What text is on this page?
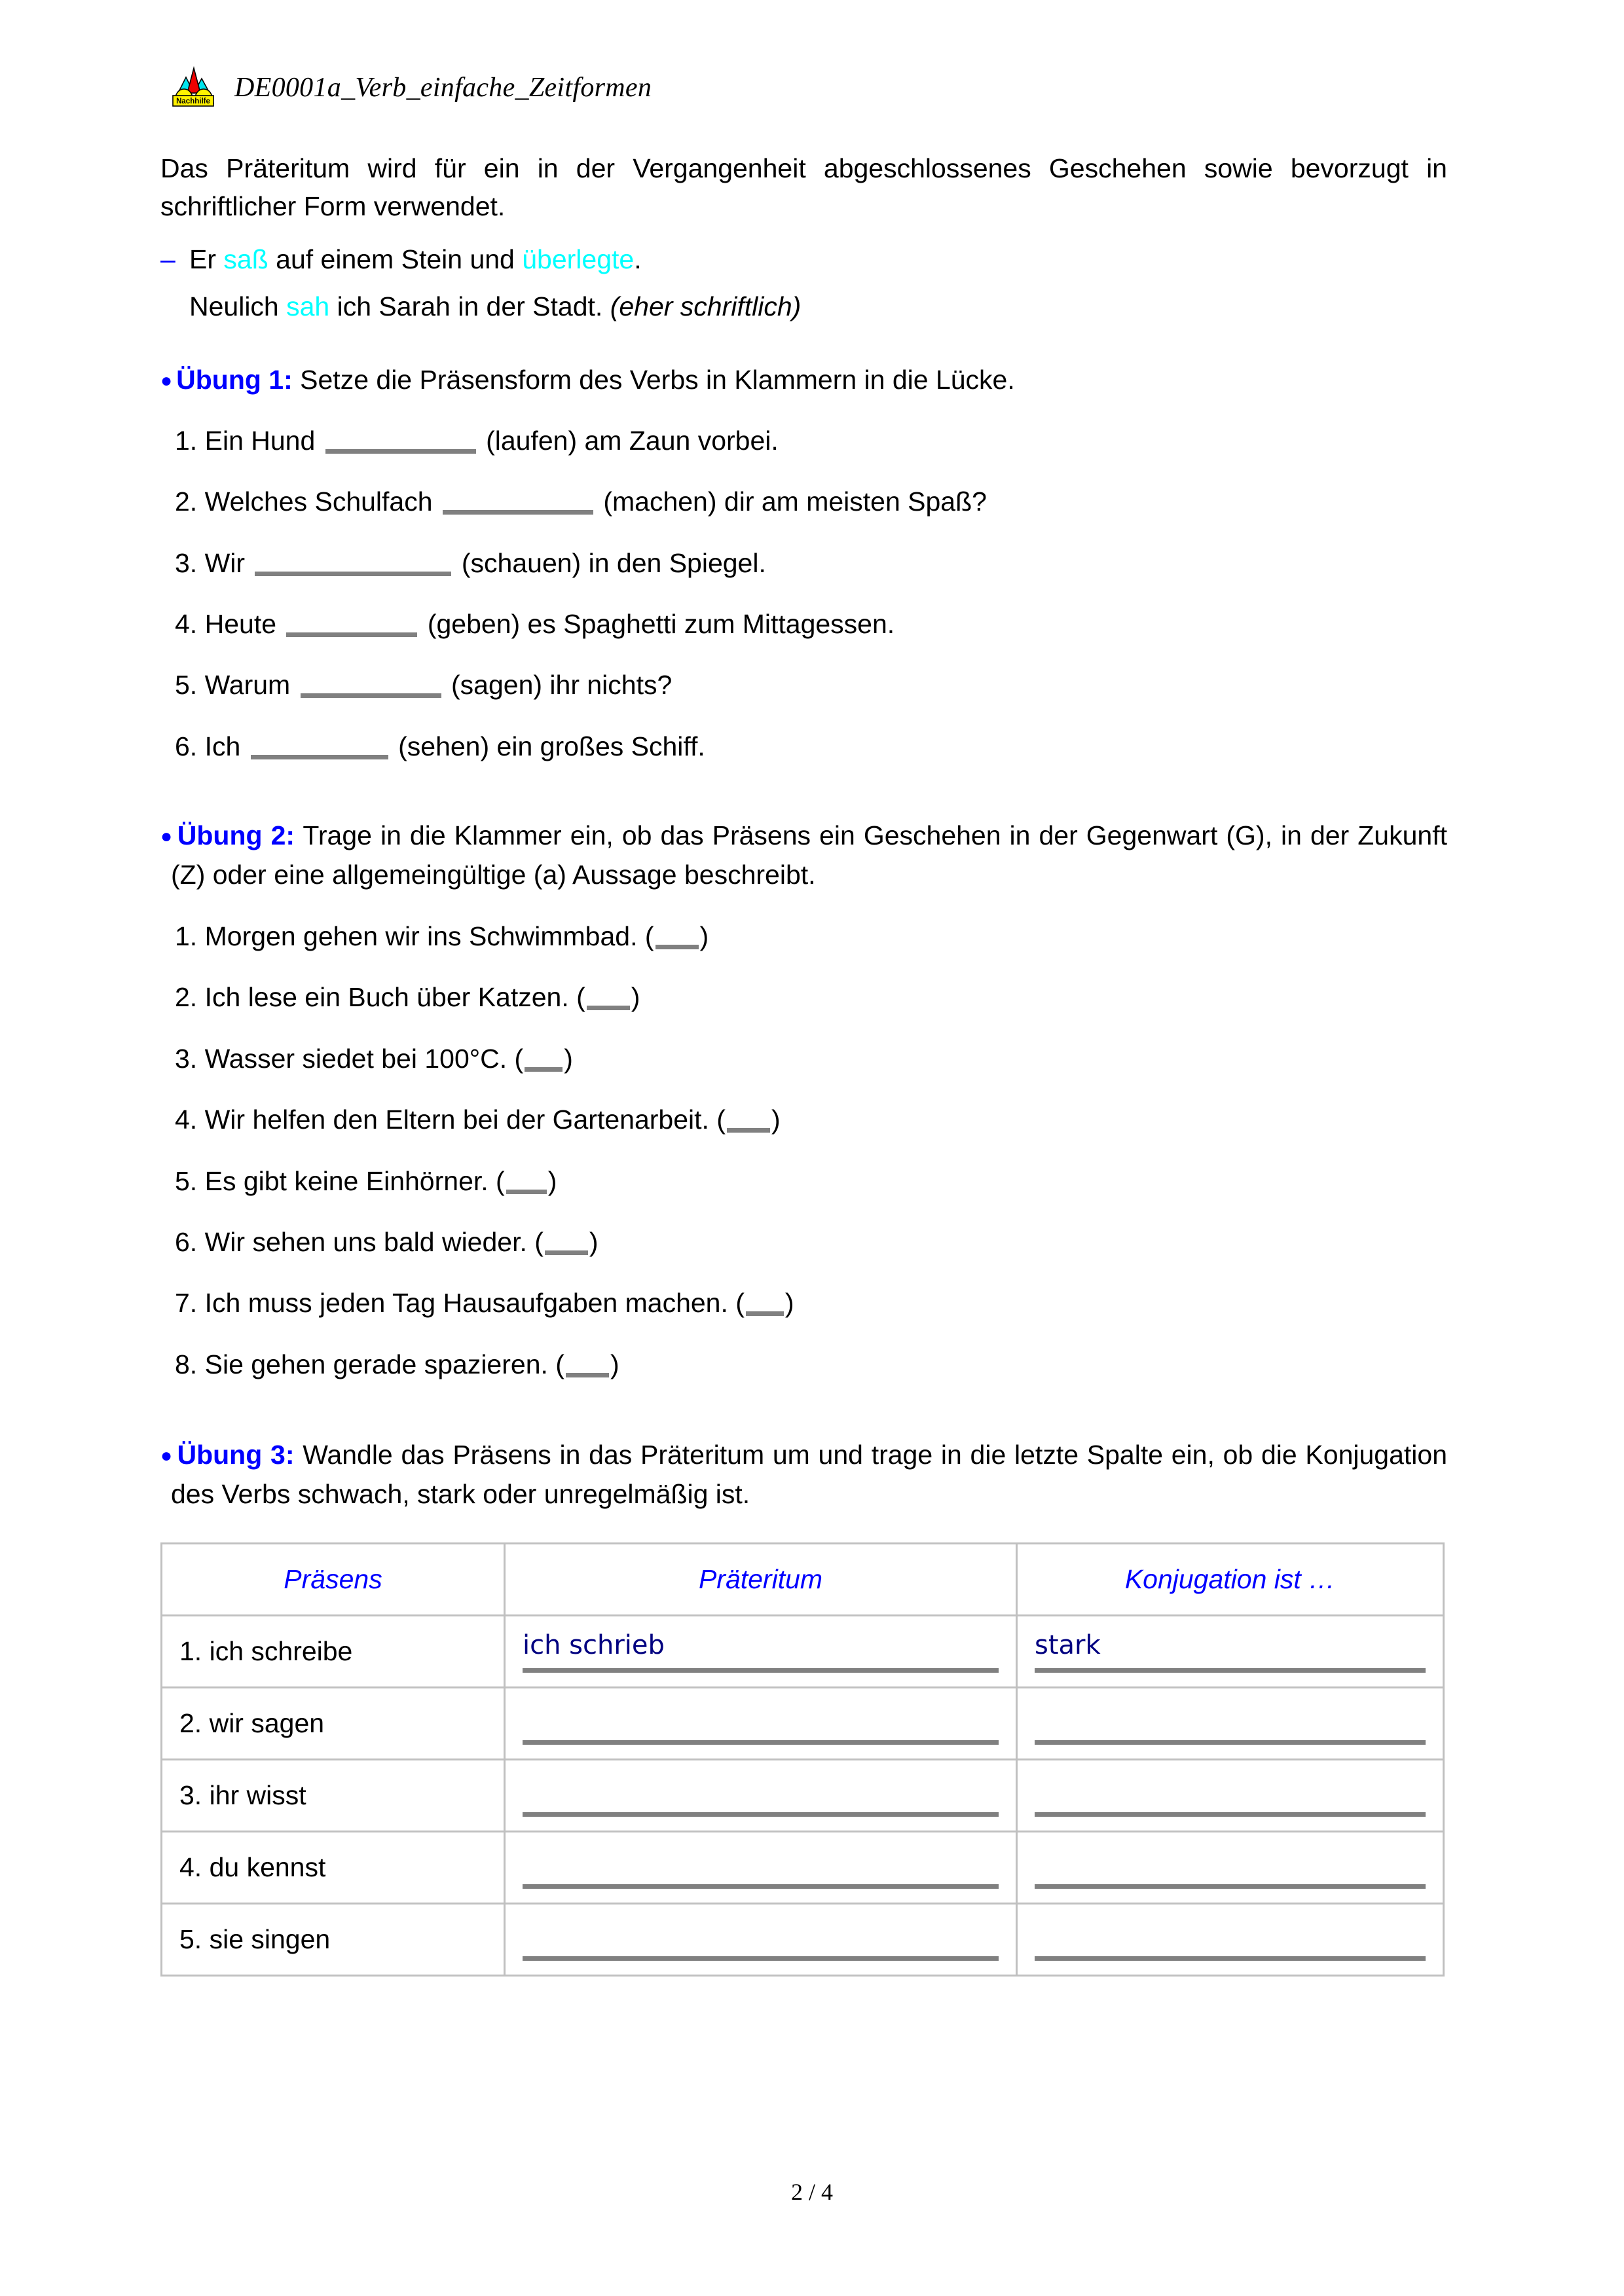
Nachhilfe DE0001a_Verb_einfache_Zeitformen

Das Präteritum wird für ein in der Vergangenheit abgeschlossenes Geschehen sowie bevorzugt in schriftlicher Form verwendet.

– Er saß auf einem Stein und überlegte.
Neulich sah ich Sarah in der Stadt. (eher schriftlich)

● Übung 1: Setze die Präsensform des Verbs in Klammern in die Lücke.

1. Ein Hund	(laufen) am Zaun vorbei.

2. Welches Schulfach	(machen) dir am meisten Spaß?

3. Wir	(schauen) in den Spiegel.

4. Heute	(geben) es Spaghetti zum Mittagessen.

5. Warum	(sagen) ihr nichts?

6. Ich	(sehen) ein großes Schiff.

● Übung 2: Trage in die Klammer ein, ob das Präsens ein Geschehen in der Gegenwart (G), in der Zukunft (Z) oder eine allgemeingültige (a) Aussage beschreibt.

1. Morgen gehen wir ins Schwimmbad. ( )

2. Ich lese ein Buch über Katzen. ( )

3. Wasser siedet bei 100°C. ( )

4. Wir helfen den Eltern bei der Gartenarbeit. ( )

5. Es gibt keine Einhörner. ( )

6. Wir sehen uns bald wieder. ( )

7. Ich muss jeden Tag Hausaufgaben machen. ( )

8. Sie gehen gerade spazieren. ( )

● Übung 3: Wandle das Präsens in das Präteritum um und trage in die letzte Spalte ein, ob die Konjugation des Verbs schwach, stark oder unregelmäßig ist.

Präsens	Präteritum	Konjugation ist …
1. ich schreibe	ich schrieb	stark

2. wir sagen	

3. ihr wisst	

4. du kennst	

5. sie singen	

2 / 4
